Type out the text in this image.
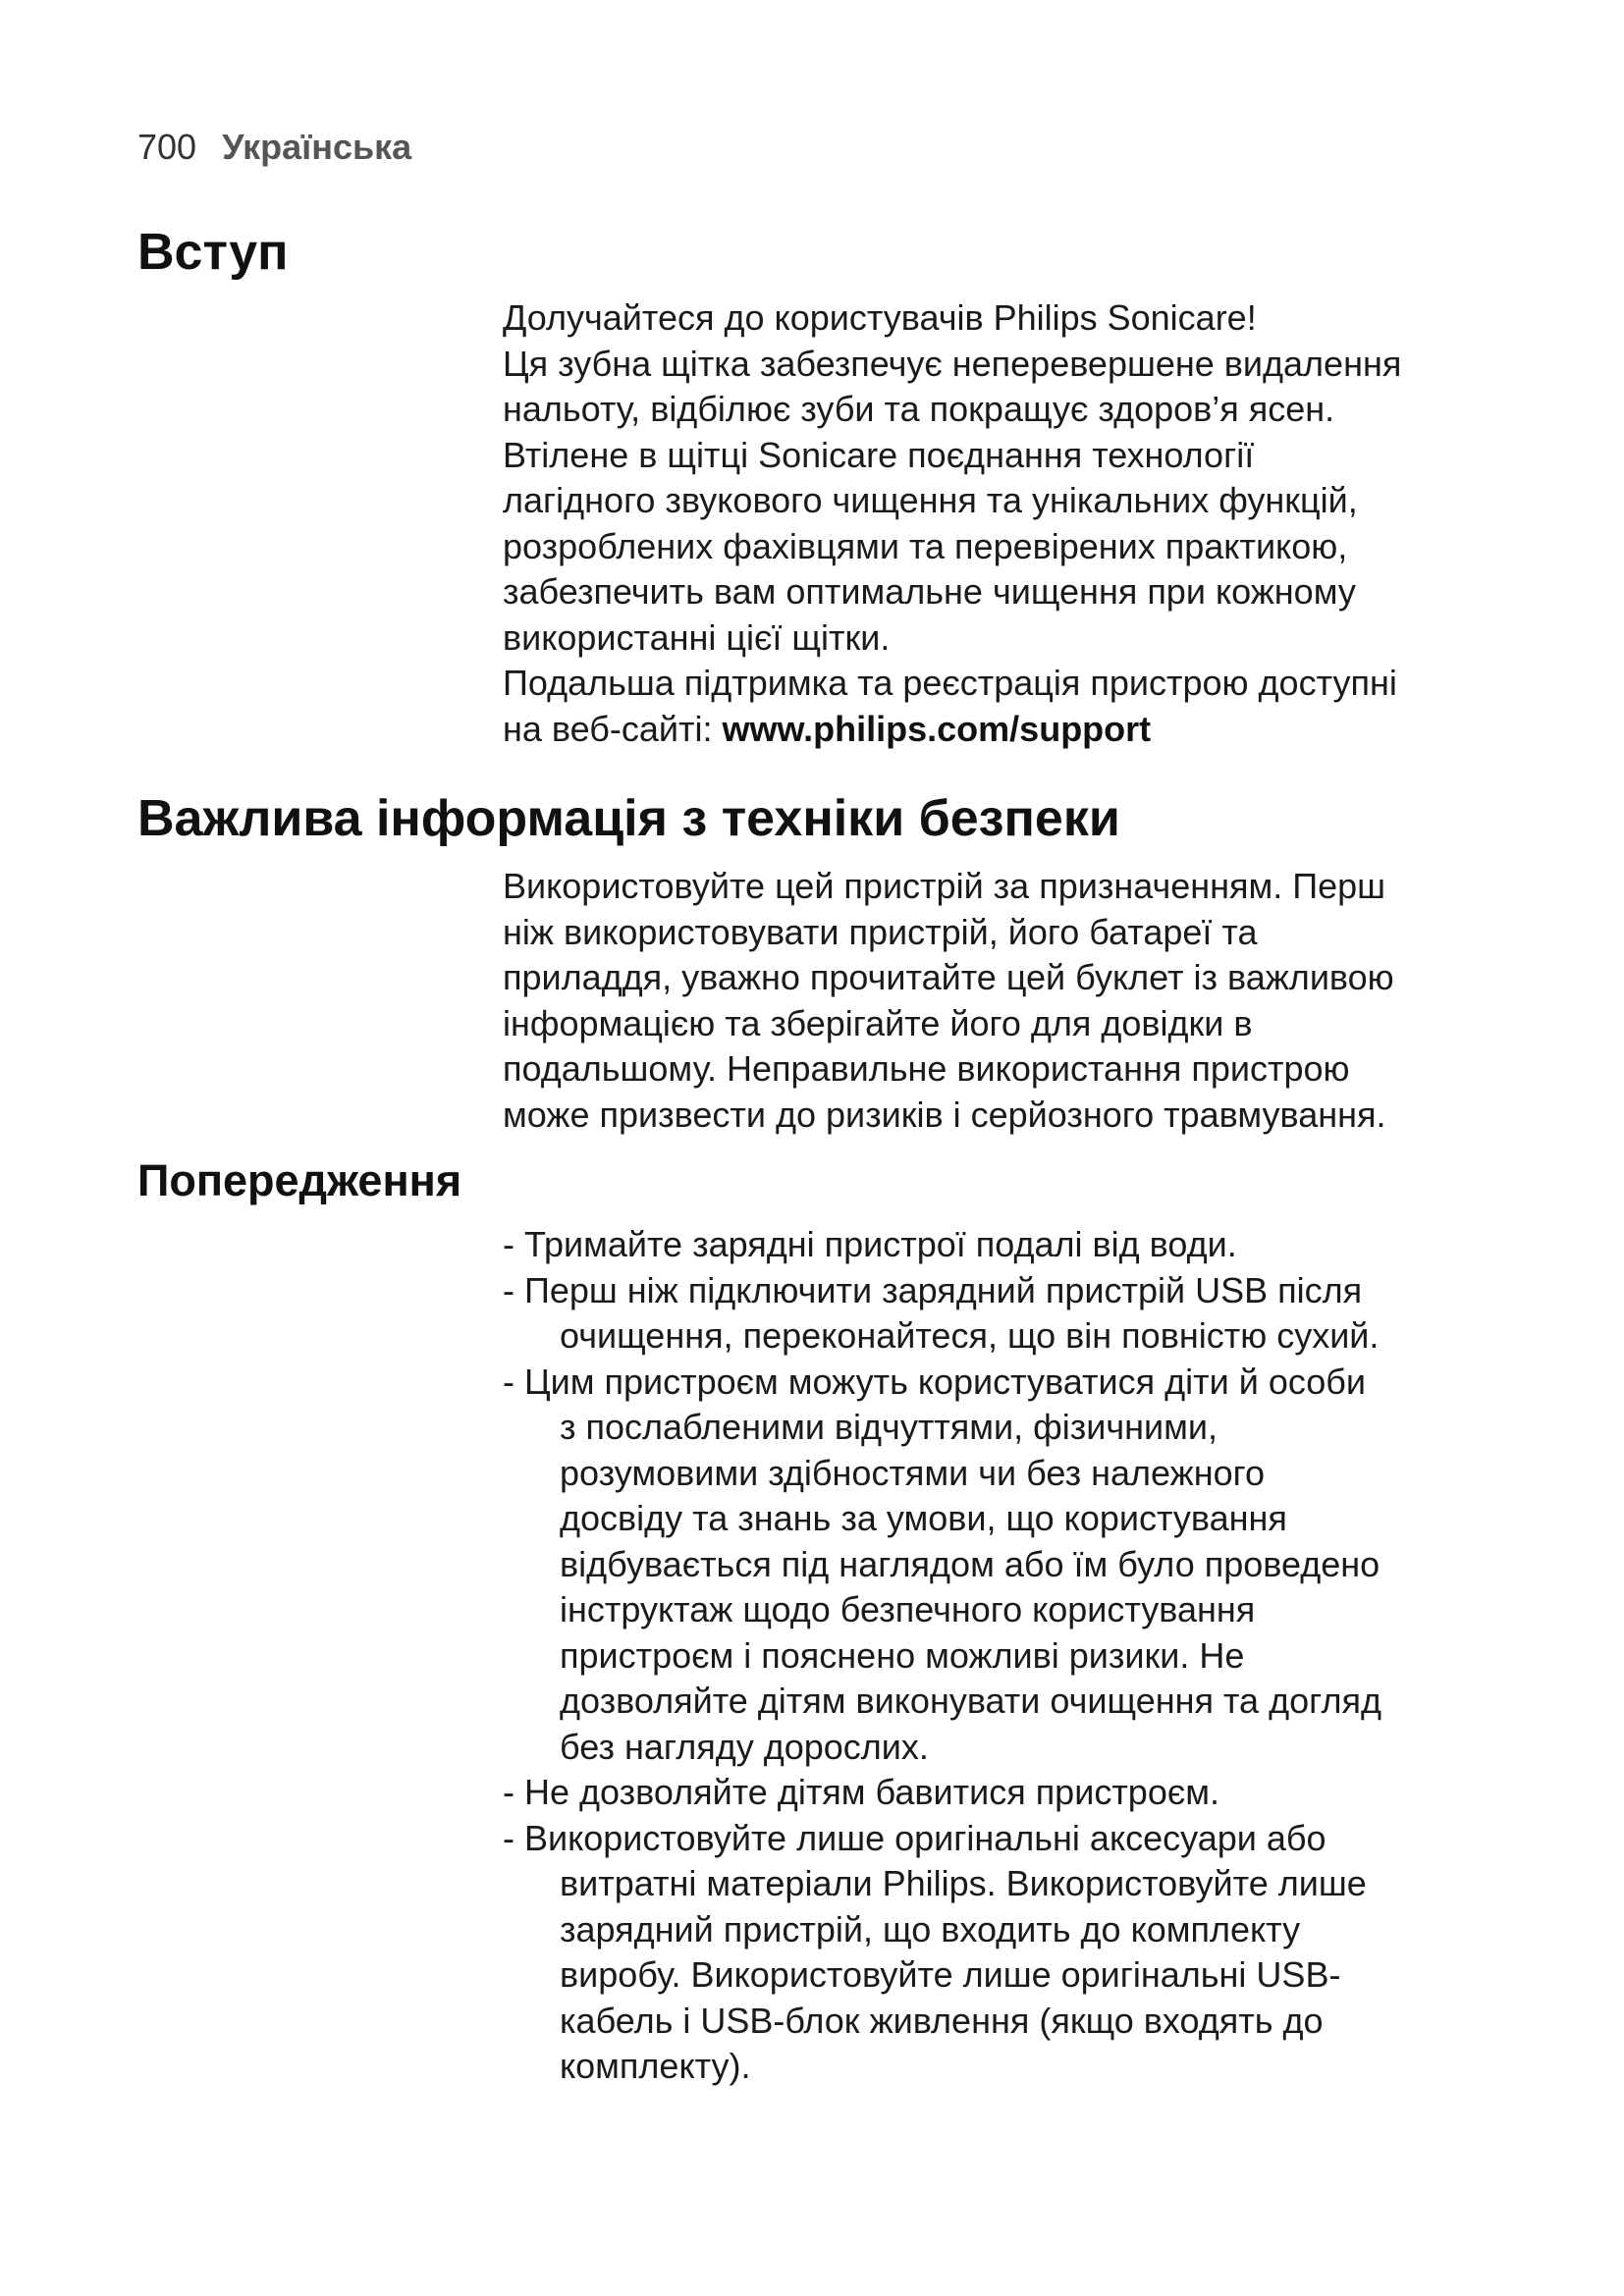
700 Українська
Вступ
Долучайтеся до користувачів Philips Sonicare!
Ця зубна щітка забезпечує неперевершене видалення
нальоту, відбілює зуби та покращує здоров’я ясен.
Втілене в щітці Sonicare поєднання технології
лагідного звукового чищення та унікальних функцій,
розроблених фахівцями та перевірених практикою,
забезпечить вам оптимальне чищення при кожному
використанні цієї щітки.
Подальша підтримка та реєстрація пристрою доступні
на веб-сайті: www.philips.com/support
Важлива інформація з техніки безпеки
Використовуйте цей пристрій за призначенням. Перш
ніж використовувати пристрій, його батареї та
приладдя, уважно прочитайте цей буклет із важливою
інформацією та зберігайте його для довідки в
подальшому. Неправильне використання пристрою
може призвести до ризиків і серйозного травмування.
Попередження
- Тримайте зарядні пристрої подалі від води.
- Перш ніж підключити зарядний пристрій USB після
очищення, переконайтеся, що він повністю сухий.
- Цим пристроєм можуть користуватися діти й особи
з послабленими відчуттями, фізичними,
розумовими здібностями чи без належного
досвіду та знань за умови, що користування
відбувається під наглядом або їм було проведено
інструктаж щодо безпечного користування
пристроєм і пояснено можливі ризики. Не
дозволяйте дітям виконувати очищення та догляд
без нагляду дорослих.
- Не дозволяйте дітям бавитися пристроєм.
- Використовуйте лише оригінальні аксесуари або
витратні матеріали Philips. Використовуйте лише
зарядний пристрій, що входить до комплекту
виробу. Використовуйте лише оригінальні USB-
кабель і USB-блок живлення (якщо входять до
комплекту).
